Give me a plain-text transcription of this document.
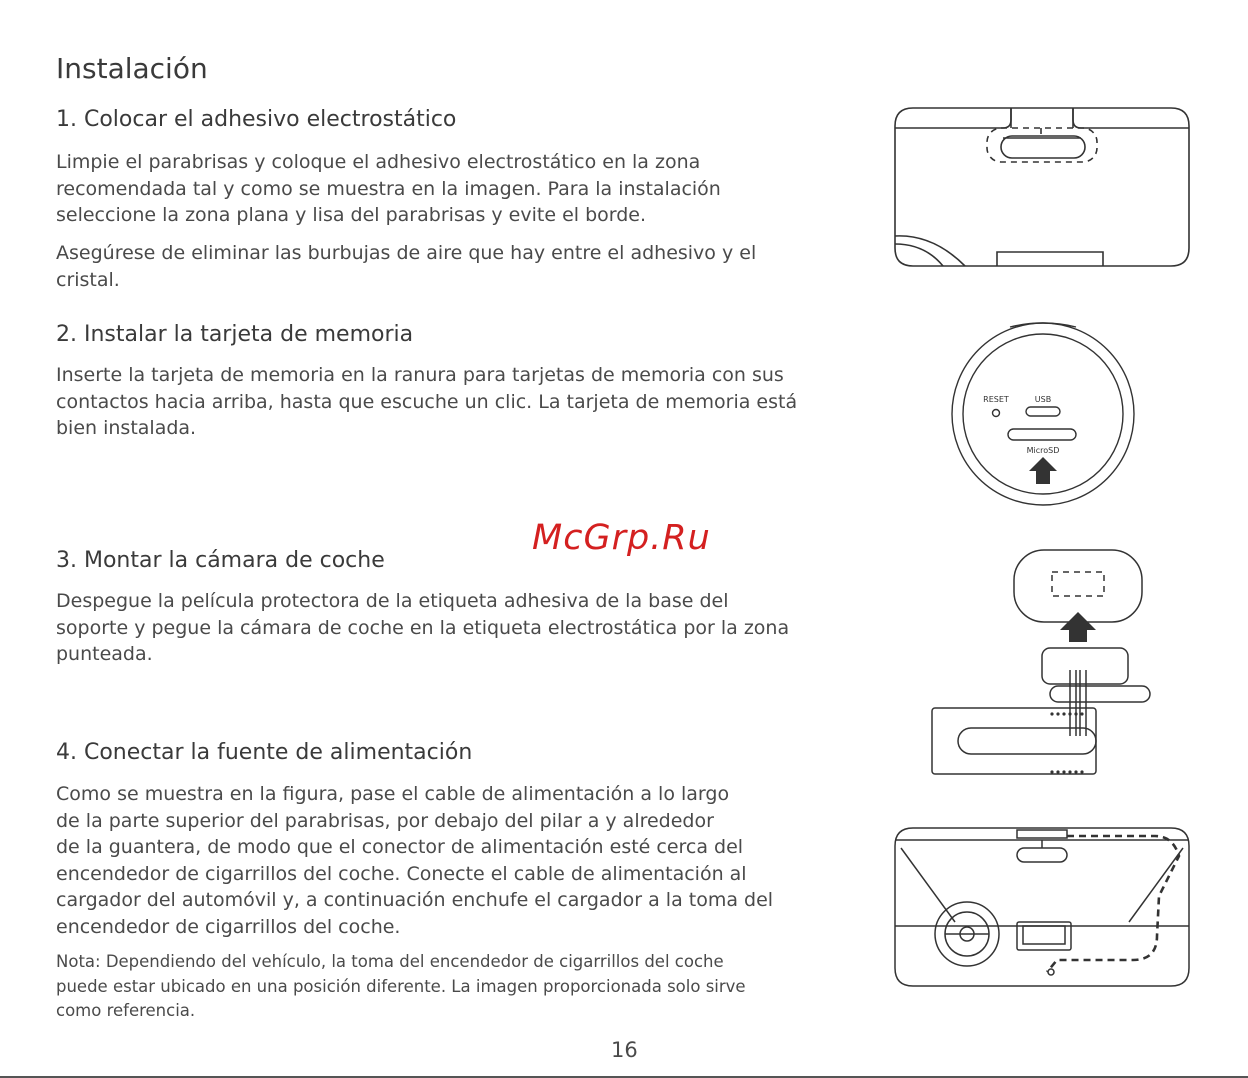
Instalación
1. Colocar el adhesivo electrostático
Limpie el parabrisas y coloque el adhesivo electrostático en la zona
recomendada tal y como se muestra en la imagen. Para la instalación
seleccione la zona plana y lisa del parabrisas y evite el borde.
Asegúrese de eliminar las burbujas de aire que hay entre el adhesivo y el
cristal.
2. Instalar la tarjeta de memoria
Inserte la tarjeta de memoria en la ranura para tarjetas de memoria con sus
contactos hacia arriba, hasta que escuche un clic. La tarjeta de memoria está
bien instalada.
McGrp.Ru
3. Montar la cámara de coche
Despegue la película protectora de la etiqueta adhesiva de la base del
soporte y pegue la cámara de coche en la etiqueta electrostática por la zona
punteada.
4. Conectar la fuente de alimentación
Como se muestra en la figura, pase el cable de alimentación a lo largo
de la parte superior del parabrisas, por debajo del pilar a y alrededor
de la guantera, de modo que el conector de alimentación esté cerca del
encendedor de cigarrillos del coche. Conecte el cable de alimentación al
cargador del automóvil y, a continuación enchufe el cargador a la toma del
encendedor de cigarrillos del coche.
Nota: Dependiendo del vehículo, la toma del encendedor de cigarrillos del coche
puede estar ubicado en una posición diferente. La imagen proporcionada solo sirve
como referencia.
RESET	USB
MicroSD
16
